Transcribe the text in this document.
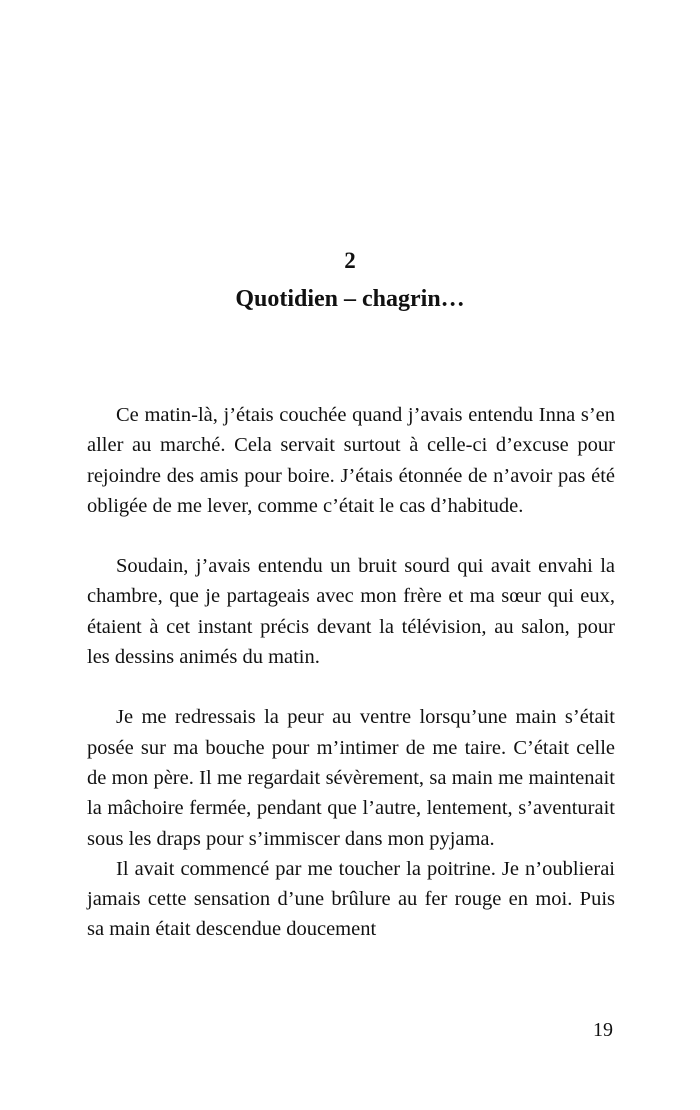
2
Quotidien – chagrin…

Ce matin-là, j’étais couchée quand j’avais entendu Inna s’en aller au marché. Cela servait surtout à celle-ci d’excuse pour rejoindre des amis pour boire. J’étais étonnée de n’avoir pas été obligée de me lever, comme c’était le cas d’habitude.

Soudain, j’avais entendu un bruit sourd qui avait envahi la chambre, que je partageais avec mon frère et ma sœur qui eux, étaient à cet instant précis devant la télévision, au salon, pour les dessins animés du matin.

Je me redressais la peur au ventre lorsqu’une main s’était posée sur ma bouche pour m’intimer de me taire. C’était celle de mon père. Il me regardait sévèrement, sa main me maintenait la mâchoire fermée, pendant que l’autre, lentement, s’aventurait sous les draps pour s’immiscer dans mon pyjama.

Il avait commencé par me toucher la poitrine. Je n’oublierai jamais cette sensation d’une brûlure au fer rouge en moi. Puis sa main était descendue doucement

19
